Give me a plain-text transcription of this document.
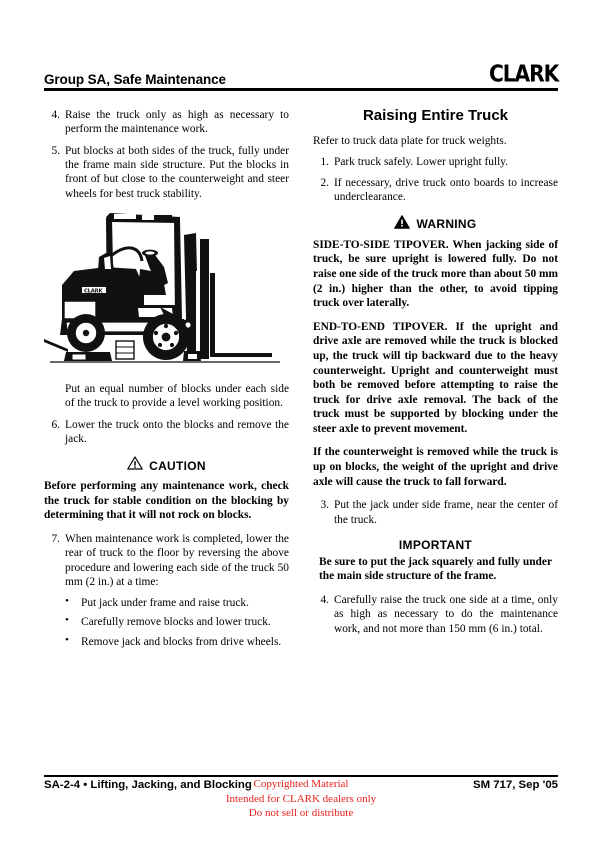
Group SA, Safe Maintenance	CLARK
4. Raise the truck only as high as necessary to perform the maintenance work.
5. Put blocks at both sides of the truck, fully under the frame main side structure. Put the blocks in front of but close to the counterweight and steer wheels for best truck stability.
CLARK

Put an equal number of blocks under each side of the truck to provide a level working position.

6. Lower the truck onto the blocks and remove the jack.
CAUTION

Before performing any maintenance work, check the truck for stable condition on the blocking by determining that it will not rock on blocks.

7. When maintenance work is completed, lower the rear of truck to the floor by reversing the above procedure and lowering each side of the truck 50 mm (2 in.) at a time:
• Put jack under frame and raise truck.
• Carefully remove blocks and lower truck.
• Remove jack and blocks from drive wheels.
Raising Entire Truck

Refer to truck data plate for truck weights.

1. Park truck safely. Lower upright fully.
2. If necessary, drive truck onto boards to increase underclearance.
WARNING

SIDE-TO-SIDE TIPOVER. When jacking side of truck, be sure upright is lowered fully. Do not raise one side of the truck more than about 50 mm (2 in.) higher than the other, to avoid tipping truck over laterally.

END-TO-END TIPOVER. If the upright and drive axle are removed while the truck is blocked up, the truck will tip backward due to the heavy counterweight. Upright and counterweight must both be removed before attempting to raise the truck for drive axle removal. The back of the truck must be supported by blocking under the steer axle to prevent movement.

If the counterweight is removed while the truck is up on blocks, the weight of the upright and drive axle will cause the truck to fall forward.

3. Put the jack under side frame, near the center of the truck.
IMPORTANT

Be sure to put the jack squarely and fully under the main side structure of the frame.

4. Carefully raise the truck one side at a time, only as high as necessary to do the maintenance work, and not more than 150 mm (6 in.) total.
SA-2-4 • Lifting, Jacking, and Blocking	SM 717, Sep '05
Copyrighted Material
Intended for CLARK dealers only
Do not sell or distribute
